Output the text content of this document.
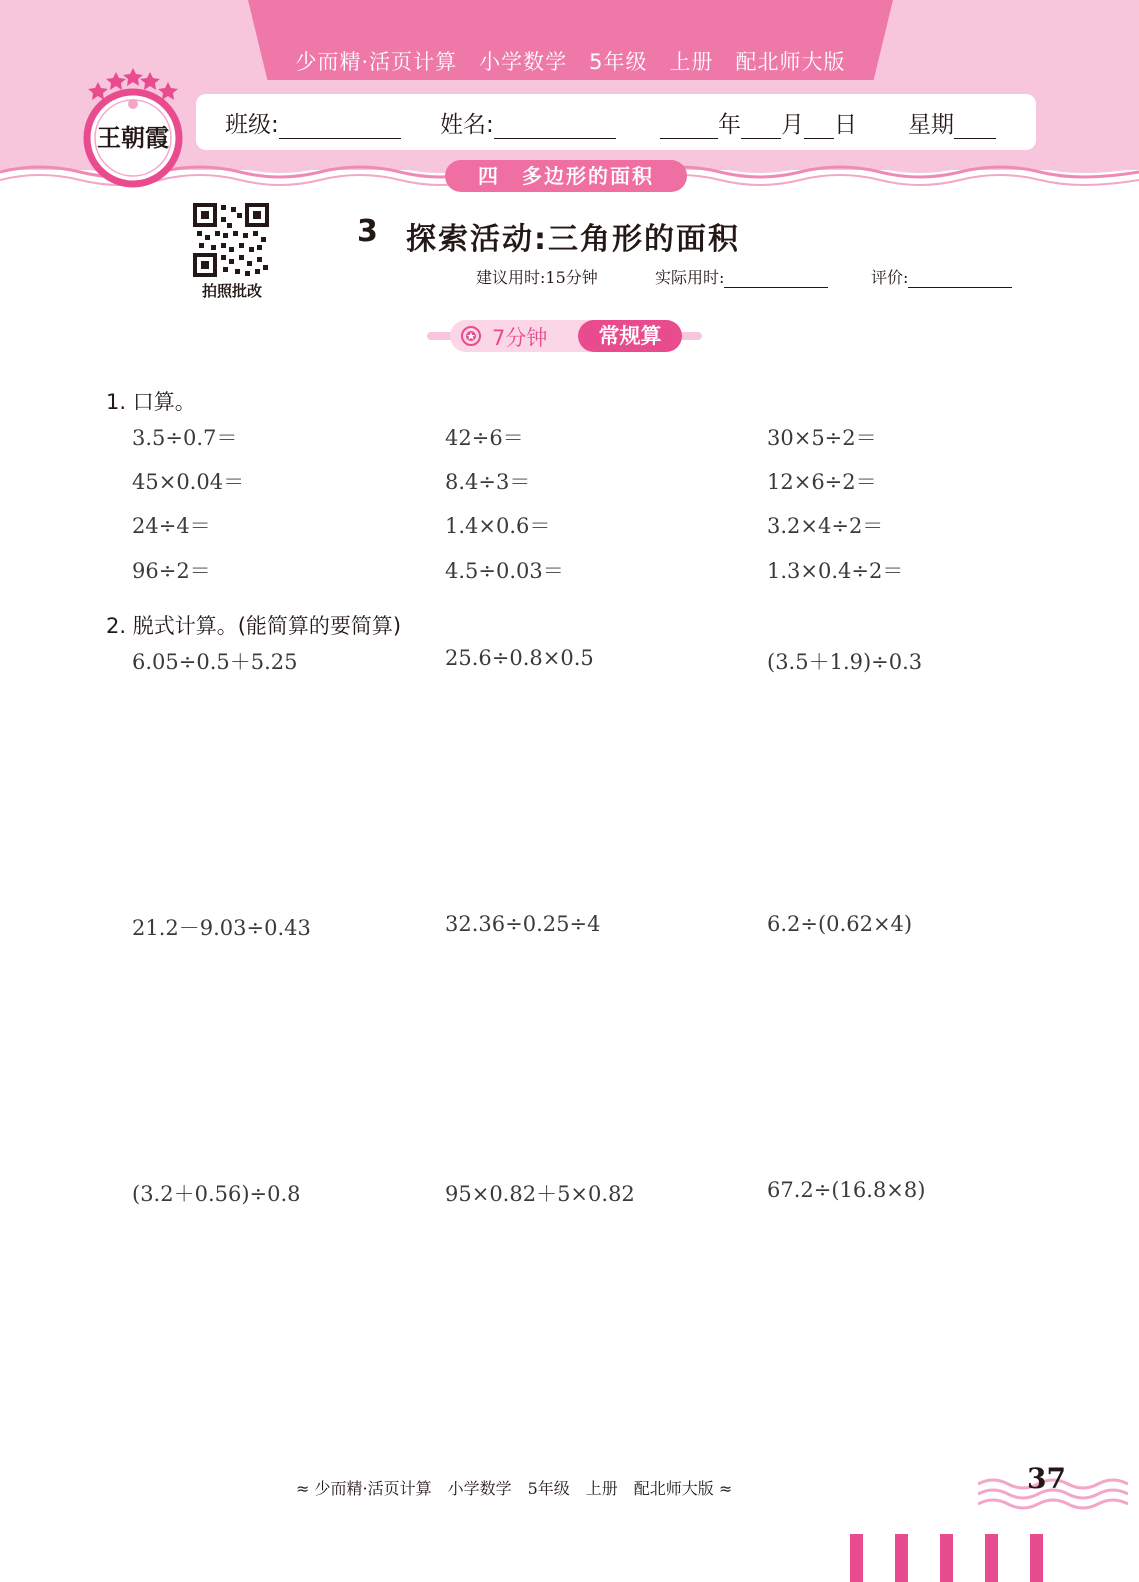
少而精·活页计算　小学数学　5年级　上册　配北师大版
王朝霞 班级:	姓名:	年 月 日 星期
四　多边形的面积
拍照批改
3 探索活动:三角形的面积
建议用时:15分钟	实际用时:	评价:
7分钟	常规算
1. 口算。
3.5÷0.7＝	42÷6＝	30×5÷2＝
45×0.04＝	8.4÷3＝	12×6÷2＝
24÷4＝	1.4×0.6＝	3.2×4÷2＝
96÷2＝	4.5÷0.03＝	1.3×0.4÷2＝
2. 脱式计算。(能简算的要简算)
6.05÷0.5＋5.25	25.6÷0.8×0.5	(3.5＋1.9)÷0.3
21.2－9.03÷0.43	32.36÷0.25÷4	6.2÷(0.62×4)
(3.2＋0.56)÷0.8	95×0.82＋5×0.82	67.2÷(16.8×8)
≈ 少而精·活页计算　小学数学　5年级　上册　配北师大版 ≈	37
